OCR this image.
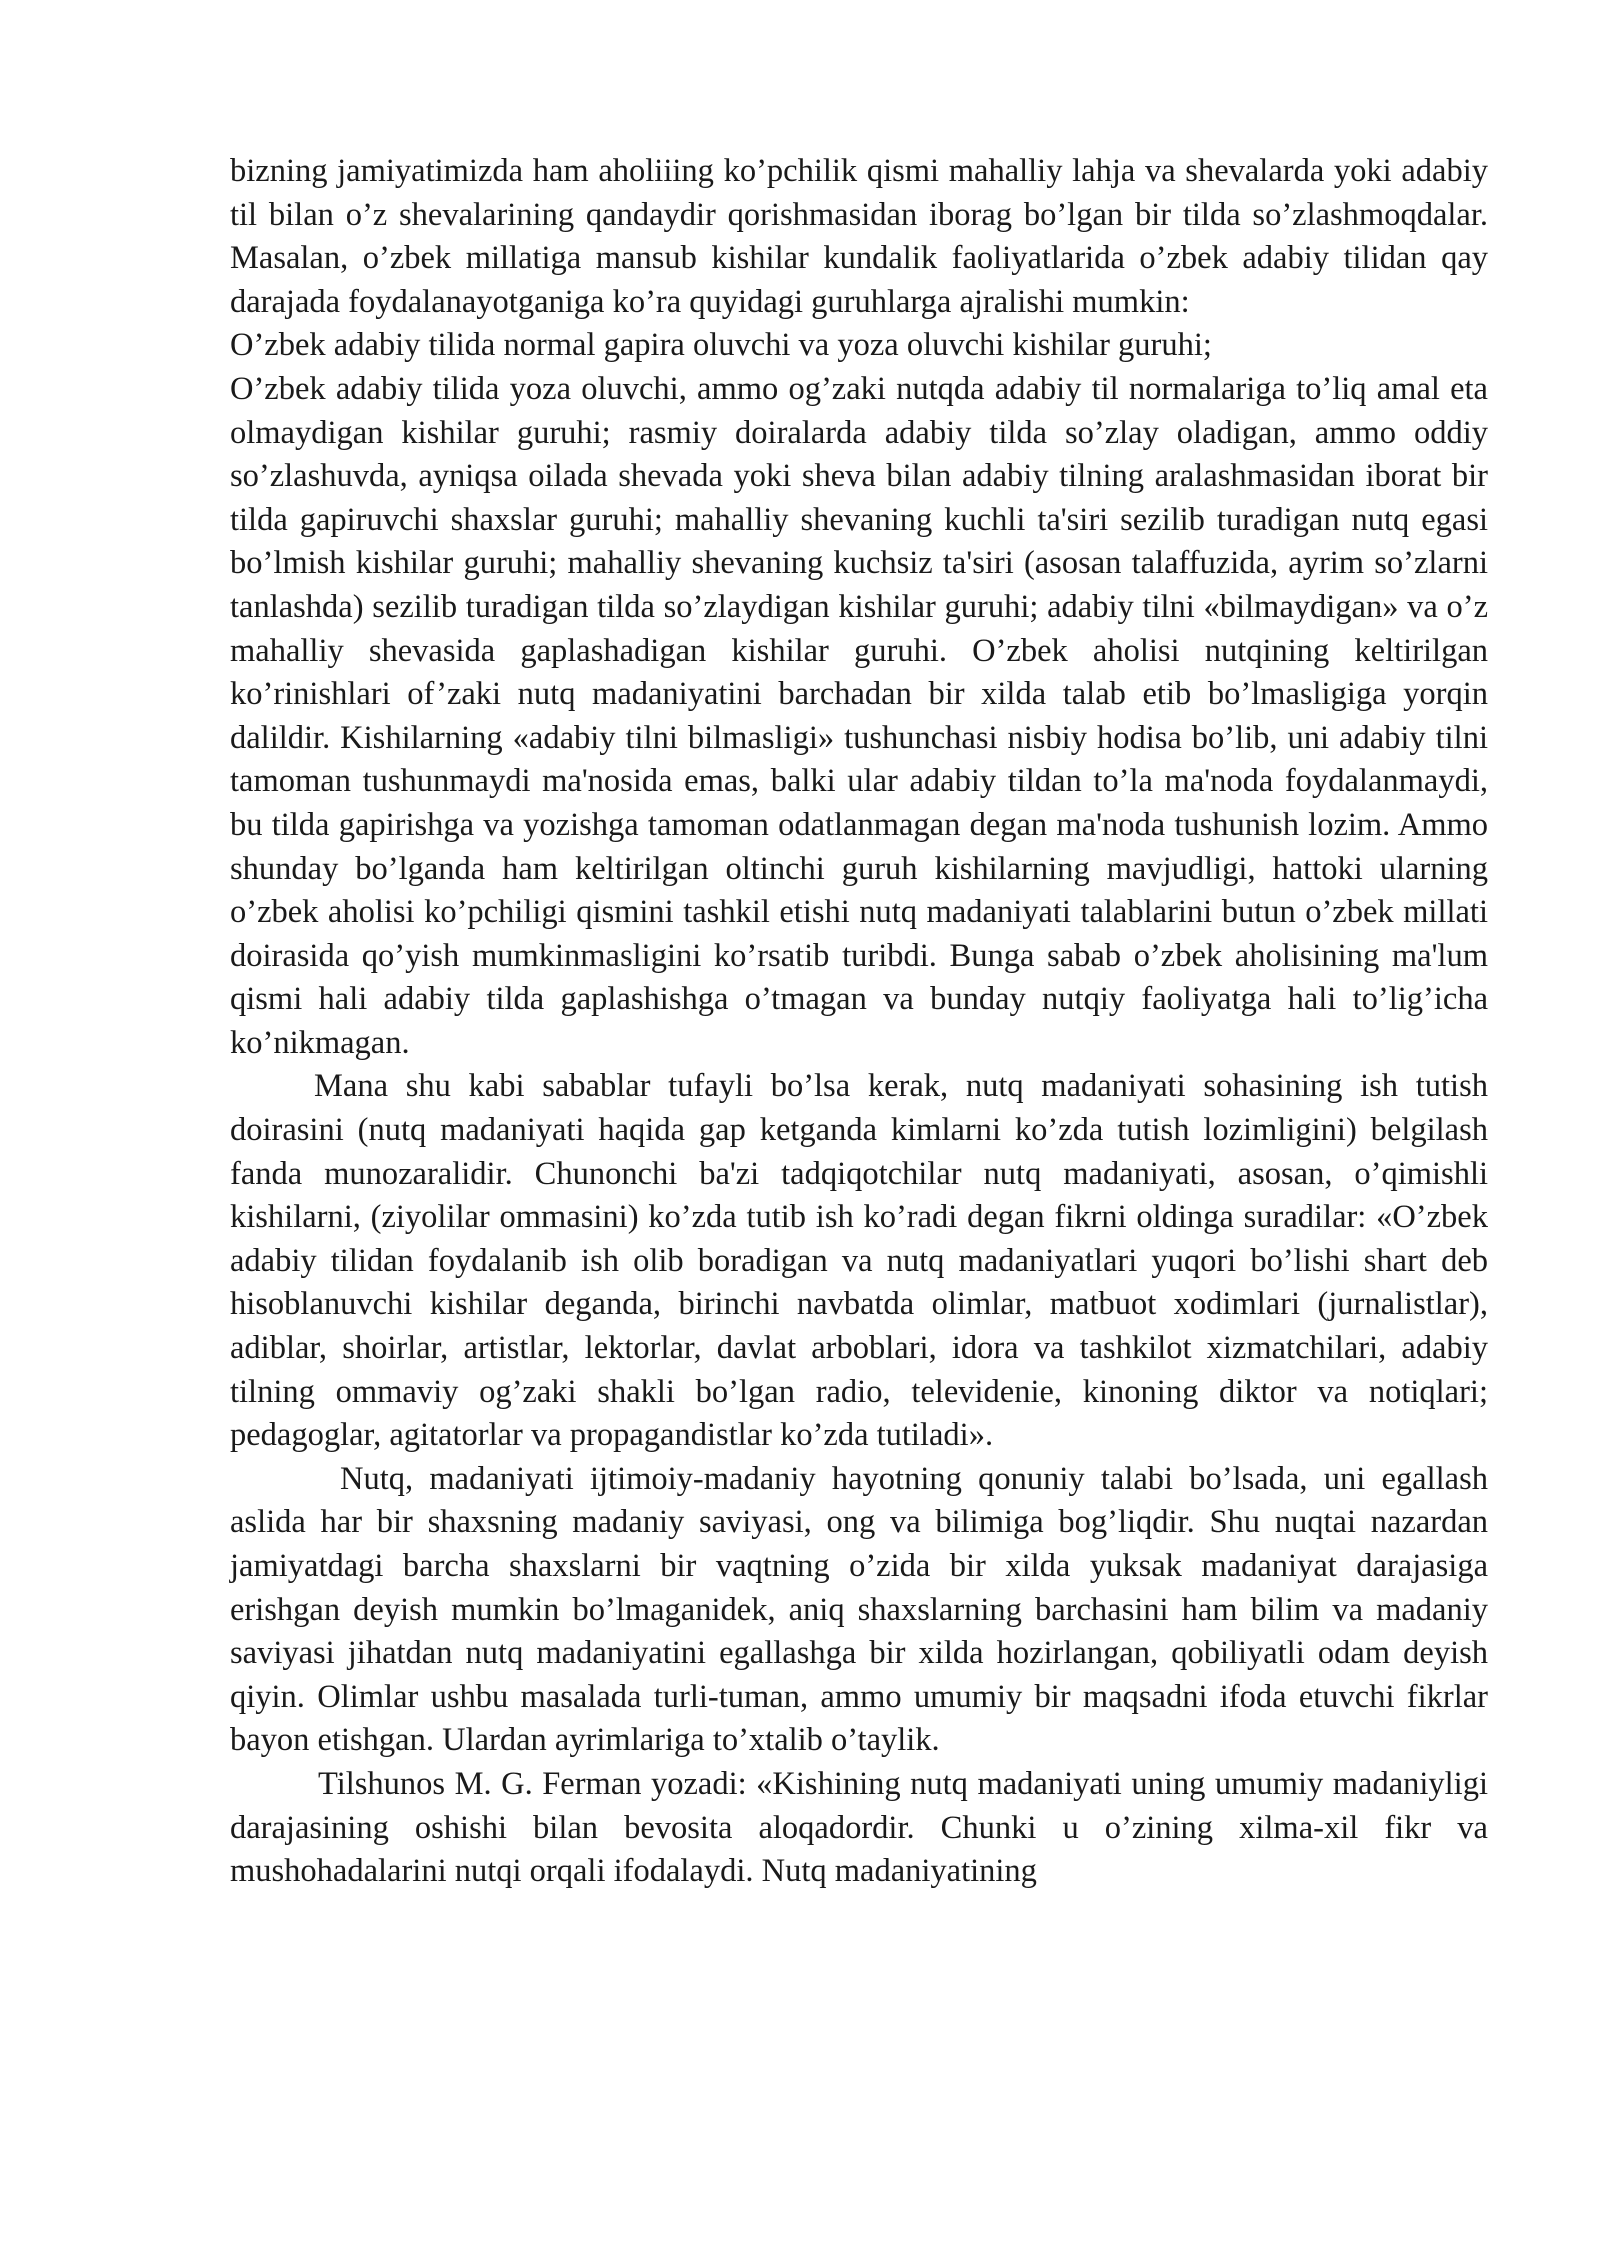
bizning jamiyatimizda ham aholiiing ko’pchilik qismi mahalliy lahja va shevalarda yoki adabiy til bilan o’z shevalarining qandaydir qorishmasidan iborag bo’lgan bir tilda so’zlashmoqdalar. Masalan, o’zbek millatiga mansub kishilar kundalik faoliyatlarida o’zbek adabiy tilidan qay darajada foydalanayotganiga ko’ra quyidagi guruhlarga ajralishi mumkin:

O’zbek adabiy tilida normal gapira oluvchi va yoza oluvchi kishilar guruhi;

O’zbek adabiy tilida yoza oluvchi, ammo og’zaki nutqda adabiy til normalariga to’liq amal eta olmaydigan kishilar guruhi; rasmiy doiralarda adabiy tilda so’zlay oladigan, ammo oddiy so’zlashuvda, ayniqsa oilada shevada yoki sheva bilan adabiy tilning aralashmasidan iborat bir tilda gapiruvchi shaxslar guruhi; mahalliy shevaning kuchli ta'siri sezilib turadigan nutq egasi bo’lmish kishilar guruhi; mahalliy shevaning kuchsiz ta'siri (asosan talaffuzida, ayrim so’zlarni tanlashda) sezilib turadigan tilda so’zlaydigan kishilar guruhi; adabiy tilni «bilmaydigan» va o’z mahalliy shevasida gaplashadigan kishilar guruhi. O’zbek aholisi nutqining keltirilgan ko’rinishlari of’zaki nutq madaniyatini barchadan bir xilda talab etib bo’lmasligiga yorqin dalildir. Kishilarning «adabiy tilni bilmasligi» tushunchasi nisbiy hodisa bo’lib, uni adabiy tilni tamoman tushunmaydi ma'nosida emas, balki ular adabiy tildan to’la ma'noda foydalanmaydi, bu tilda gapirishga va yozishga tamoman odatlanmagan degan ma'noda tushunish lozim. Ammo shunday bo’lganda ham keltirilgan oltinchi guruh kishilarning mavjudligi, hattoki ularning o’zbek aholisi ko’pchiligi qismini tashkil etishi nutq madaniyati talablarini butun o’zbek millati doirasida qo’yish mumkinmasligini ko’rsatib turibdi. Bunga sabab o’zbek aholisining ma'lum qismi hali adabiy tilda gaplashishga o’tmagan va bunday nutqiy faoliyatga hali to’lig’icha ko’nikmagan.

Mana shu kabi sabablar tufayli bo’lsa kerak, nutq madaniyati sohasining ish tutish doirasini (nutq madaniyati haqida gap ketganda kimlarni ko’zda tutish lozimligini) belgilash fanda munozaralidir. Chunonchi ba'zi tadqiqotchilar nutq madaniyati, asosan, o’qimishli kishilarni, (ziyolilar ommasini) ko’zda tutib ish ko’radi degan fikrni oldinga suradilar: «O’zbek adabiy tilidan foydalanib ish olib boradigan va nutq madaniyatlari yuqori bo’lishi shart deb hisoblanuvchi kishilar deganda, birinchi navbatda olimlar, matbuot xodimlari (jurnalistlar), adiblar, shoirlar, artistlar, lektorlar, davlat arboblari, idora va tashkilot xizmatchilari, adabiy tilning ommaviy og’zaki shakli bo’lgan radio, televidenie, kinoning diktor va notiqlari; pedagoglar, agitatorlar va propagandistlar ko’zda tutiladi».

Nutq, madaniyati ijtimoiy-madaniy hayotning qonuniy talabi bo’lsada, uni egallash aslida har bir shaxsning madaniy saviyasi, ong va bilimiga bog’liqdir. Shu nuqtai nazardan jamiyatdagi barcha shaxslarni bir vaqtning o’zida bir xilda yuksak madaniyat darajasiga erishgan deyish mumkin bo’lmaganidek, aniq shaxslarning barchasini ham bilim va madaniy saviyasi jihatdan nutq madaniyatini egallashga bir xilda hozirlangan, qobiliyatli odam deyish qiyin. Olimlar ushbu masalada turli-tuman, ammo umumiy bir maqsadni ifoda etuvchi fikrlar bayon etishgan. Ulardan ayrimlariga to’xtalib o’taylik.

Tilshunos M. G. Ferman yozadi: «Kishining nutq madaniyati uning umumiy madaniyligi darajasining oshishi bilan bevosita aloqadordir. Chunki u o’zining xilma-xil fikr va mushohadalarini nutqi orqali ifodalaydi. Nutq madaniyatining
